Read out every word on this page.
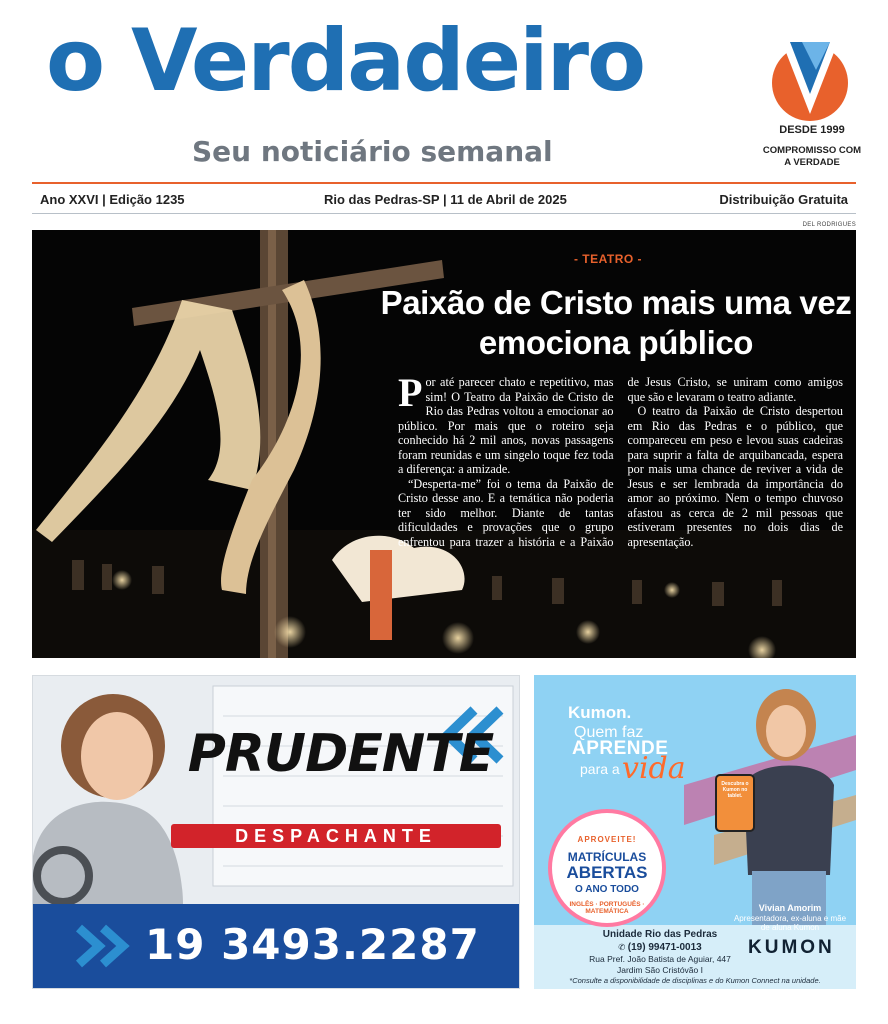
o Verdadeiro
Seu noticiário semanal
DESDE 1999
COMPROMISSO COM A VERDADE
Ano XXVI | Edição 1235	Rio das Pedras-SP | 11 de Abril de 2025	Distribuição Gratuita
DEL RODRIGUES
- TEATRO -
Paixão de Cristo mais uma vez emociona público

Por até parecer chato e repetitivo, mas sim! O Teatro da Paixão de Cristo de Rio das Pedras voltou a emocionar ao público. Por mais que o roteiro seja conhecido há 2 mil anos, novas passagens foram reunidas e um singelo toque fez toda a diferença: a amizade.

“Desperta-me” foi o tema da Paixão de Cristo desse ano. E a temática não poderia ter sido melhor. Diante de tantas dificuldades e provações que o grupo enfrentou para trazer a história e a Paixão de Jesus Cristo, se uniram como amigos que são e levaram o teatro adiante.

O teatro da Paixão de Cristo despertou em Rio das Pedras e o público, que compareceu em peso e levou suas cadeiras para suprir a falta de arquibancada, espera por mais uma chance de reviver a vida de Jesus e ser lembrada da importância do amor ao próximo. Nem o tempo chuvoso afastou as cerca de 2 mil pessoas que estiveram presentes no dois dias de apresentação.

PRUDENTE
DESPACHANTE
19 3493.2287
Kumon.
Quem faz
APRENDE
para a vida	Descubra o Kumon no tablet.
APROVEITE!
MATRÍCULAS
ABERTAS
O ANO TODO
INGLÊS · PORTUGUÊS · MATEMÁTICA	Vivian Amorim
Apresentadora, ex-aluna e mãe de aluna Kumon
Unidade Rio das Pedras
✆ (19) 99471-0013
Rua Pref. João Batista de Aguiar, 447
Jardim São Cristóvão I
KUMON
*Consulte a disponibilidade de disciplinas e do Kumon Connect na unidade.
